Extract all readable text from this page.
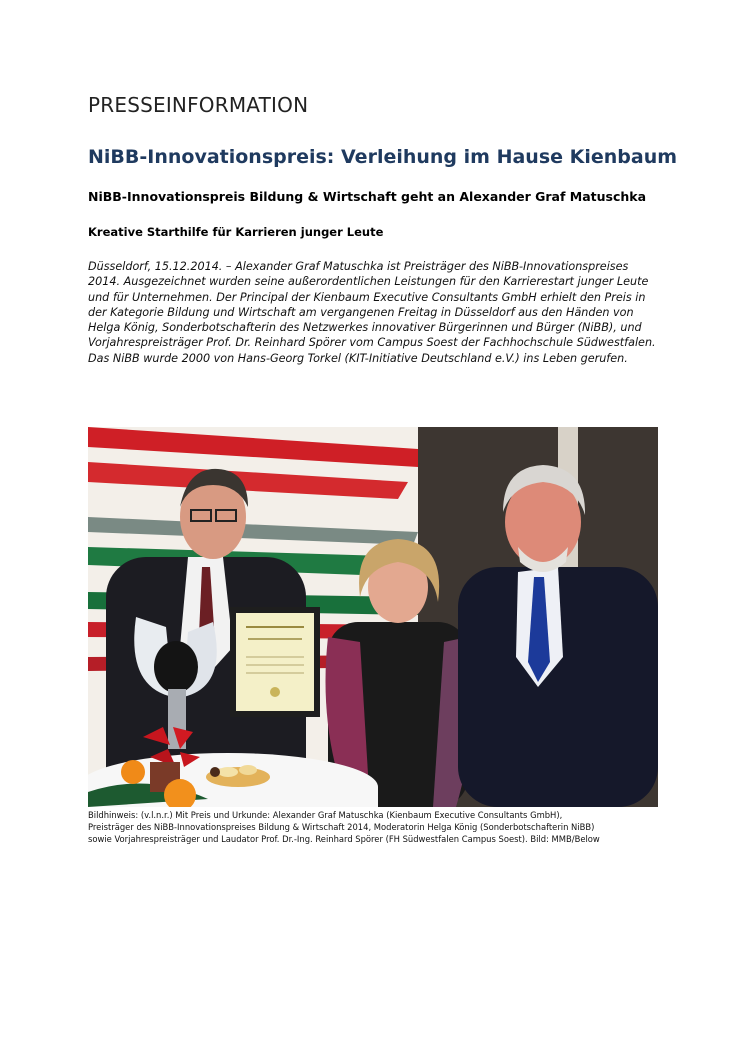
PRESSEINFORMATION
NiBB-Innovationspreis: Verleihung im Hause Kienbaum
NiBB-Innovationspreis Bildung & Wirtschaft geht an Alexander Graf Matuschka
Kreative Starthilfe für Karrieren junger Leute
Düsseldorf, 15.12.2014. – Alexander Graf Matuschka ist Preisträger des NiBB-Innovationspreises
2014. Ausgezeichnet wurden seine außerordentlichen Leistungen für den Karrierestart junger Leute
und für Unternehmen. Der Principal der Kienbaum Executive Consultants GmbH erhielt den Preis in
der Kategorie Bildung und Wirtschaft am vergangenen Freitag in Düsseldorf aus den Händen von
Helga König, Sonderbotschafterin des Netzwerkes innovativer Bürgerinnen und Bürger (NiBB), und
Vorjahrespreisträger Prof. Dr. Reinhard Spörer vom Campus Soest der Fachhochschule Südwestfalen.
Das NiBB wurde 2000 von Hans-Georg Torkel (KIT-Initiative Deutschland e.V.) ins Leben gerufen.
Bildhinweis: (v.l.n.r.) Mit Preis und Urkunde: Alexander Graf Matuschka (Kienbaum Executive Consultants GmbH),
Preisträger des NiBB-Innovationspreises Bildung & Wirtschaft 2014, Moderatorin Helga König (Sonderbotschafterin NiBB)
sowie Vorjahrespreisträger und Laudator Prof. Dr.-Ing. Reinhard Spörer (FH Südwestfalen Campus Soest). Bild: MMB/Below
